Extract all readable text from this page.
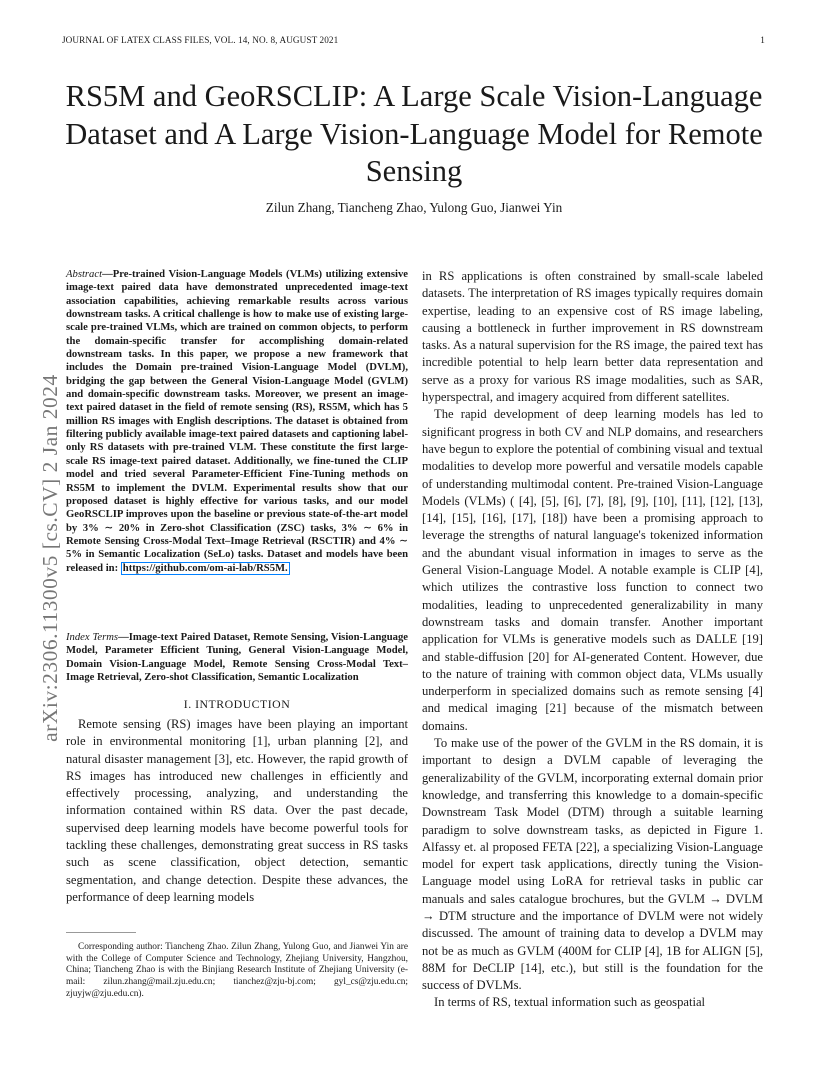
JOURNAL OF LATEX CLASS FILES, VOL. 14, NO. 8, AUGUST 2021	1
arXiv:2306.11300v5 [cs.CV] 2 Jan 2024
RS5M and GeoRSCLIP: A Large Scale Vision-Language Dataset and A Large Vision-Language Model for Remote Sensing
Zilun Zhang, Tiancheng Zhao, Yulong Guo, Jianwei Yin
Abstract—Pre-trained Vision-Language Models (VLMs) utilizing extensive image-text paired data have demonstrated unprecedented image-text association capabilities, achieving remarkable results across various downstream tasks. A critical challenge is how to make use of existing large-scale pre-trained VLMs, which are trained on common objects, to perform the domain-specific transfer for accomplishing domain-related downstream tasks. In this paper, we propose a new framework that includes the Domain pre-trained Vision-Language Model (DVLM), bridging the gap between the General Vision-Language Model (GVLM) and domain-specific downstream tasks. Moreover, we present an image-text paired dataset in the field of remote sensing (RS), RS5M, which has 5 million RS images with English descriptions. The dataset is obtained from filtering publicly available image-text paired datasets and captioning label-only RS datasets with pre-trained VLM. These constitute the first large-scale RS image-text paired dataset. Additionally, we fine-tuned the CLIP model and tried several Parameter-Efficient Fine-Tuning methods on RS5M to implement the DVLM. Experimental results show that our proposed dataset is highly effective for various tasks, and our model GeoRSCLIP improves upon the baseline or previous state-of-the-art model by 3% ∼ 20% in Zero-shot Classification (ZSC) tasks, 3% ∼ 6% in Remote Sensing Cross-Modal Text–Image Retrieval (RSCTIR) and 4% ∼ 5% in Semantic Localization (SeLo) tasks. Dataset and models have been released in: https://github.com/om-ai-lab/RS5M.
Index Terms—Image-text Paired Dataset, Remote Sensing, Vision-Language Model, Parameter Efficient Tuning, General Vision-Language Model, Domain Vision-Language Model, Remote Sensing Cross-Modal Text–Image Retrieval, Zero-shot Classification, Semantic Localization
I. INTRODUCTION

Remote sensing (RS) images have been playing an important role in environmental monitoring [1], urban planning [2], and natural disaster management [3], etc. However, the rapid growth of RS images has introduced new challenges in efficiently and effectively processing, analyzing, and understanding the information contained within RS data. Over the past decade, supervised deep learning models have become powerful tools for tackling these challenges, demonstrating great success in RS tasks such as scene classification, object detection, semantic segmentation, and change detection. Despite these advances, the performance of deep learning models

Corresponding author: Tiancheng Zhao. Zilun Zhang, Yulong Guo, and Jianwei Yin are with the College of Computer Science and Technology, Zhejiang University, Hangzhou, China; Tiancheng Zhao is with the Binjiang Research Institute of Zhejiang University (e-mail: zilun.zhang@mail.zju.edu.cn; tianchez@zju-bj.com; gyl_cs@zju.edu.cn; zjuyjw@zju.edu.cn).

in RS applications is often constrained by small-scale labeled datasets. The interpretation of RS images typically requires domain expertise, leading to an expensive cost of RS image labeling, causing a bottleneck in further improvement in RS downstream tasks. As a natural supervision for the RS image, the paired text has incredible potential to help learn better data representation and serve as a proxy for various RS image modalities, such as SAR, hyperspectral, and imagery acquired from different satellites.

The rapid development of deep learning models has led to significant progress in both CV and NLP domains, and researchers have begun to explore the potential of combining visual and textual modalities to develop more powerful and versatile models capable of understanding multimodal content. Pre-trained Vision-Language Models (VLMs) ( [4], [5], [6], [7], [8], [9], [10], [11], [12], [13], [14], [15], [16], [17], [18]) have been a promising approach to leverage the strengths of natural language's tokenized information and the abundant visual information in images to serve as the General Vision-Language Model. A notable example is CLIP [4], which utilizes the contrastive loss function to connect two modalities, leading to unprecedented generalizability in many downstream tasks and domain transfer. Another important application for VLMs is generative models such as DALLE [19] and stable-diffusion [20] for AI-generated Content. However, due to the nature of training with common object data, VLMs usually underperform in specialized domains such as remote sensing [4] and medical imaging [21] because of the mismatch between domains.

To make use of the power of the GVLM in the RS domain, it is important to design a DVLM capable of leveraging the generalizability of the GVLM, incorporating external domain prior knowledge, and transferring this knowledge to a domain-specific Downstream Task Model (DTM) through a suitable learning paradigm to solve downstream tasks, as depicted in Figure 1. Alfassy et. al proposed FETA [22], a specializing Vision-Language model for expert task applications, directly tuning the Vision-Language model using LoRA for retrieval tasks in public car manuals and sales catalogue brochures, but the GVLM → DVLM → DTM structure and the importance of DVLM were not widely discussed. The amount of training data to develop a DVLM may not be as much as GVLM (400M for CLIP [4], 1B for ALIGN [5], 88M for DeCLIP [14], etc.), but still is the foundation for the success of DVLMs.

In terms of RS, textual information such as geospatial
